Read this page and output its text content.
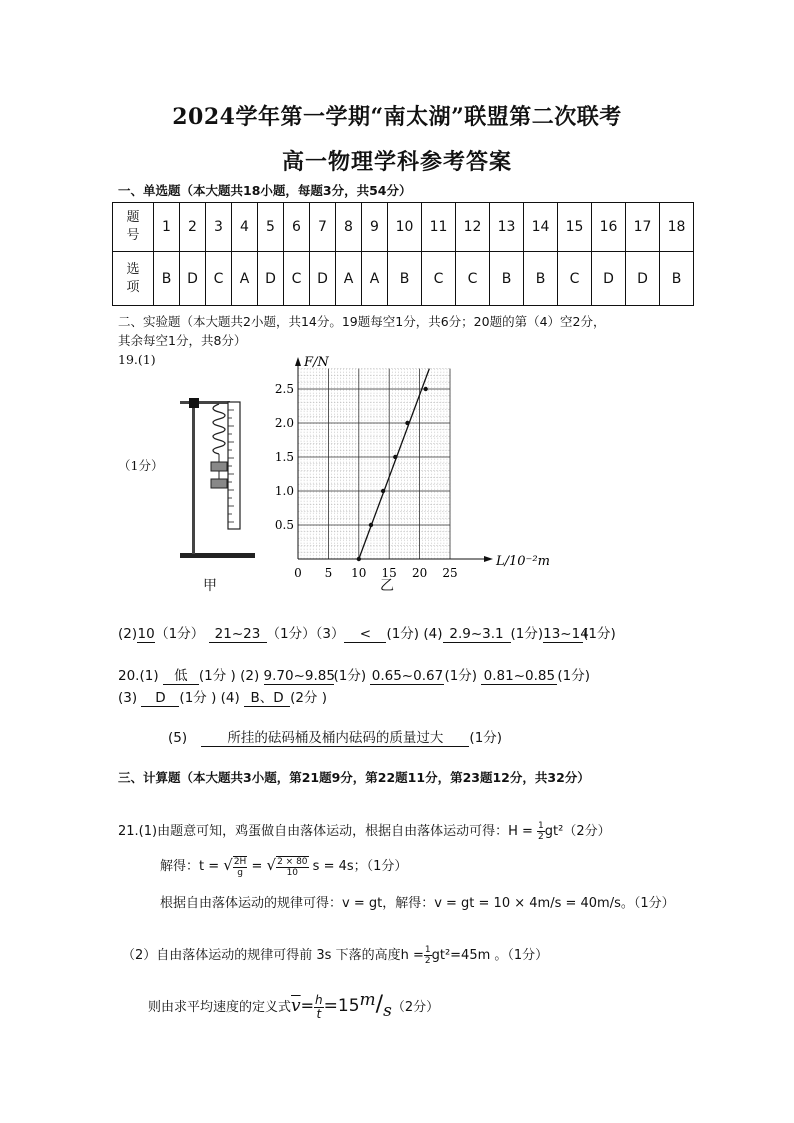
2024学年第一学期“南太湖”联盟第二次联考
高一物理学科参考答案
一、单选题（本大题共18小题，每题3分，共54分）
题号	1	2	3	4	5	6	7	8	9	10	11	12	13	14	15	16	17	18
选项	B	D	C	A	D	C	D	A	A	B	C	C	B	B	C	D	D	B
二、实验题（本大题共2小题，共14分。19题每空1分，共6分；20题的第（4）空2分，
其余每空1分，共8分）
19.(1)
（1分）
甲
0 5 10 15 20 25
0.5
1.0
1.5
2.0
2.5
F/N
L/10⁻²m
乙
(2)10（1分） 21~23 （1分）（3） < (1分) (4) 2.9~3.1 (1分)13~14(1分)
20.(1) 低 (1分 ) (2) 9.70~9.85(1分) 0.65~0.67(1分) 0.81~0.85 (1分)
(3) D (1分 ) (4) B、D (2分 )
(5)	所挂的砝码桶及桶内砝码的质量过大 (1分)
三、计算题（本大题共3小题，第21题9分，第22题11分，第23题12分，共32分）
21.(1)由题意可知，鸡蛋做自由落体运动，根据自由落体运动可得：$H = \frac{1}{2} gt^2(2$分）
解得：t = √ $\frac{2H}{g}$ = √ $\frac{2 \times 80}{10}$ s = 4s；（1分）
根据自由落体运动的规律可得：v = gt，解得：v = gt = 10 × 4m/s = 40m/s。（1分）
（2）自由落体运动的规律可得前 3s 下落的高度$h = \frac{1}{2} gt^2=45m$ 。（1分）
则由求平均速度的定义式$\overline{v}= \frac{h}{t} =15m/s(2$分）
